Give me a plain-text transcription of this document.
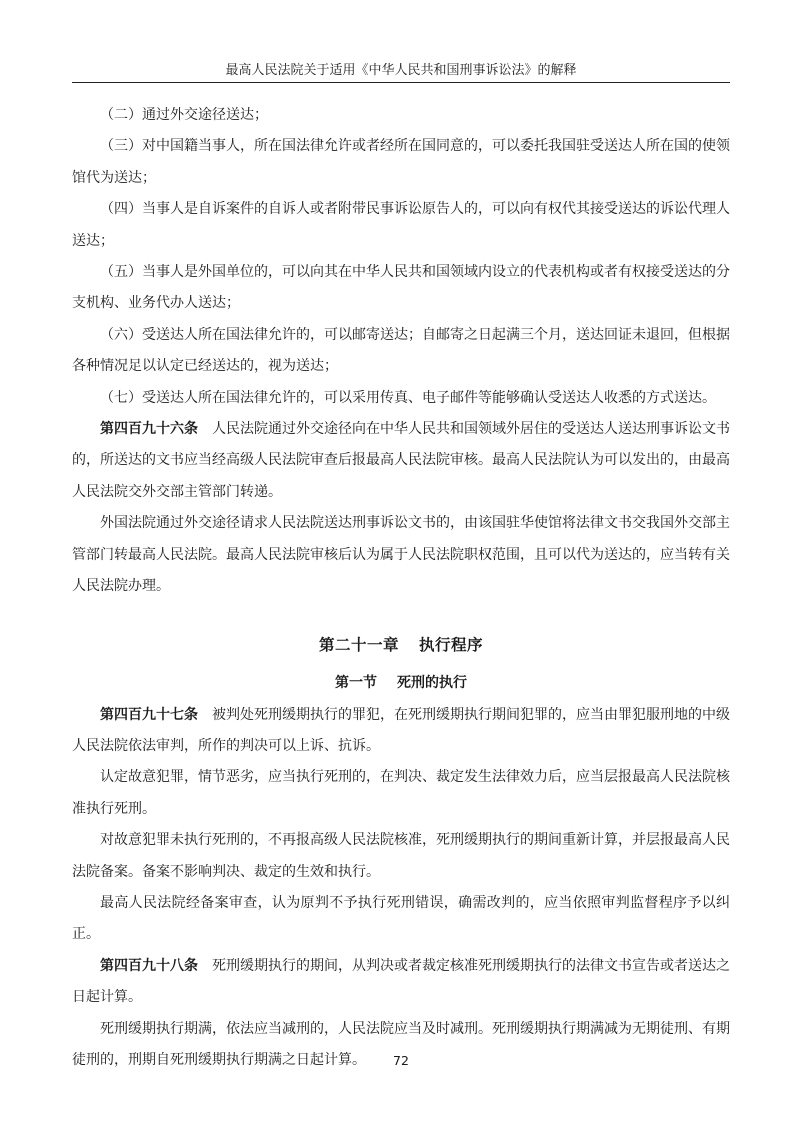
最高人民法院关于适用《中华人民共和国刑事诉讼法》的解释

（二）通过外交途径送达；

（三）对中国籍当事人，所在国法律允许或者经所在国同意的，可以委托我国驻受送达人所在国的使领馆代为送达；

（四）当事人是自诉案件的自诉人或者附带民事诉讼原告人的，可以向有权代其接受送达的诉讼代理人送达；

（五）当事人是外国单位的，可以向其在中华人民共和国领域内设立的代表机构或者有权接受送达的分支机构、业务代办人送达；

（六）受送达人所在国法律允许的，可以邮寄送达；自邮寄之日起满三个月，送达回证未退回，但根据各种情况足以认定已经送达的，视为送达；

（七）受送达人所在国法律允许的，可以采用传真、电子邮件等能够确认受送达人收悉的方式送达。

第四百九十六条 人民法院通过外交途径向在中华人民共和国领域外居住的受送达人送达刑事诉讼文书的，所送达的文书应当经高级人民法院审查后报最高人民法院审核。最高人民法院认为可以发出的，由最高人民法院交外交部主管部门转递。

外国法院通过外交途径请求人民法院送达刑事诉讼文书的，由该国驻华使馆将法律文书交我国外交部主管部门转最高人民法院。最高人民法院审核后认为属于人民法院职权范围，且可以代为送达的，应当转有关人民法院办理。

第二十一章 执行程序
第一节 死刑的执行

第四百九十七条 被判处死刑缓期执行的罪犯，在死刑缓期执行期间犯罪的，应当由罪犯服刑地的中级人民法院依法审判，所作的判决可以上诉、抗诉。

认定故意犯罪，情节恶劣，应当执行死刑的，在判决、裁定发生法律效力后，应当层报最高人民法院核准执行死刑。

对故意犯罪未执行死刑的，不再报高级人民法院核准，死刑缓期执行的期间重新计算，并层报最高人民法院备案。备案不影响判决、裁定的生效和执行。

最高人民法院经备案审查，认为原判不予执行死刑错误，确需改判的，应当依照审判监督程序予以纠正。

第四百九十八条 死刑缓期执行的期间，从判决或者裁定核准死刑缓期执行的法律文书宣告或者送达之日起计算。

死刑缓期执行期满，依法应当减刑的，人民法院应当及时减刑。死刑缓期执行期满减为无期徒刑、有期徒刑的，刑期自死刑缓期执行期满之日起计算。	72
